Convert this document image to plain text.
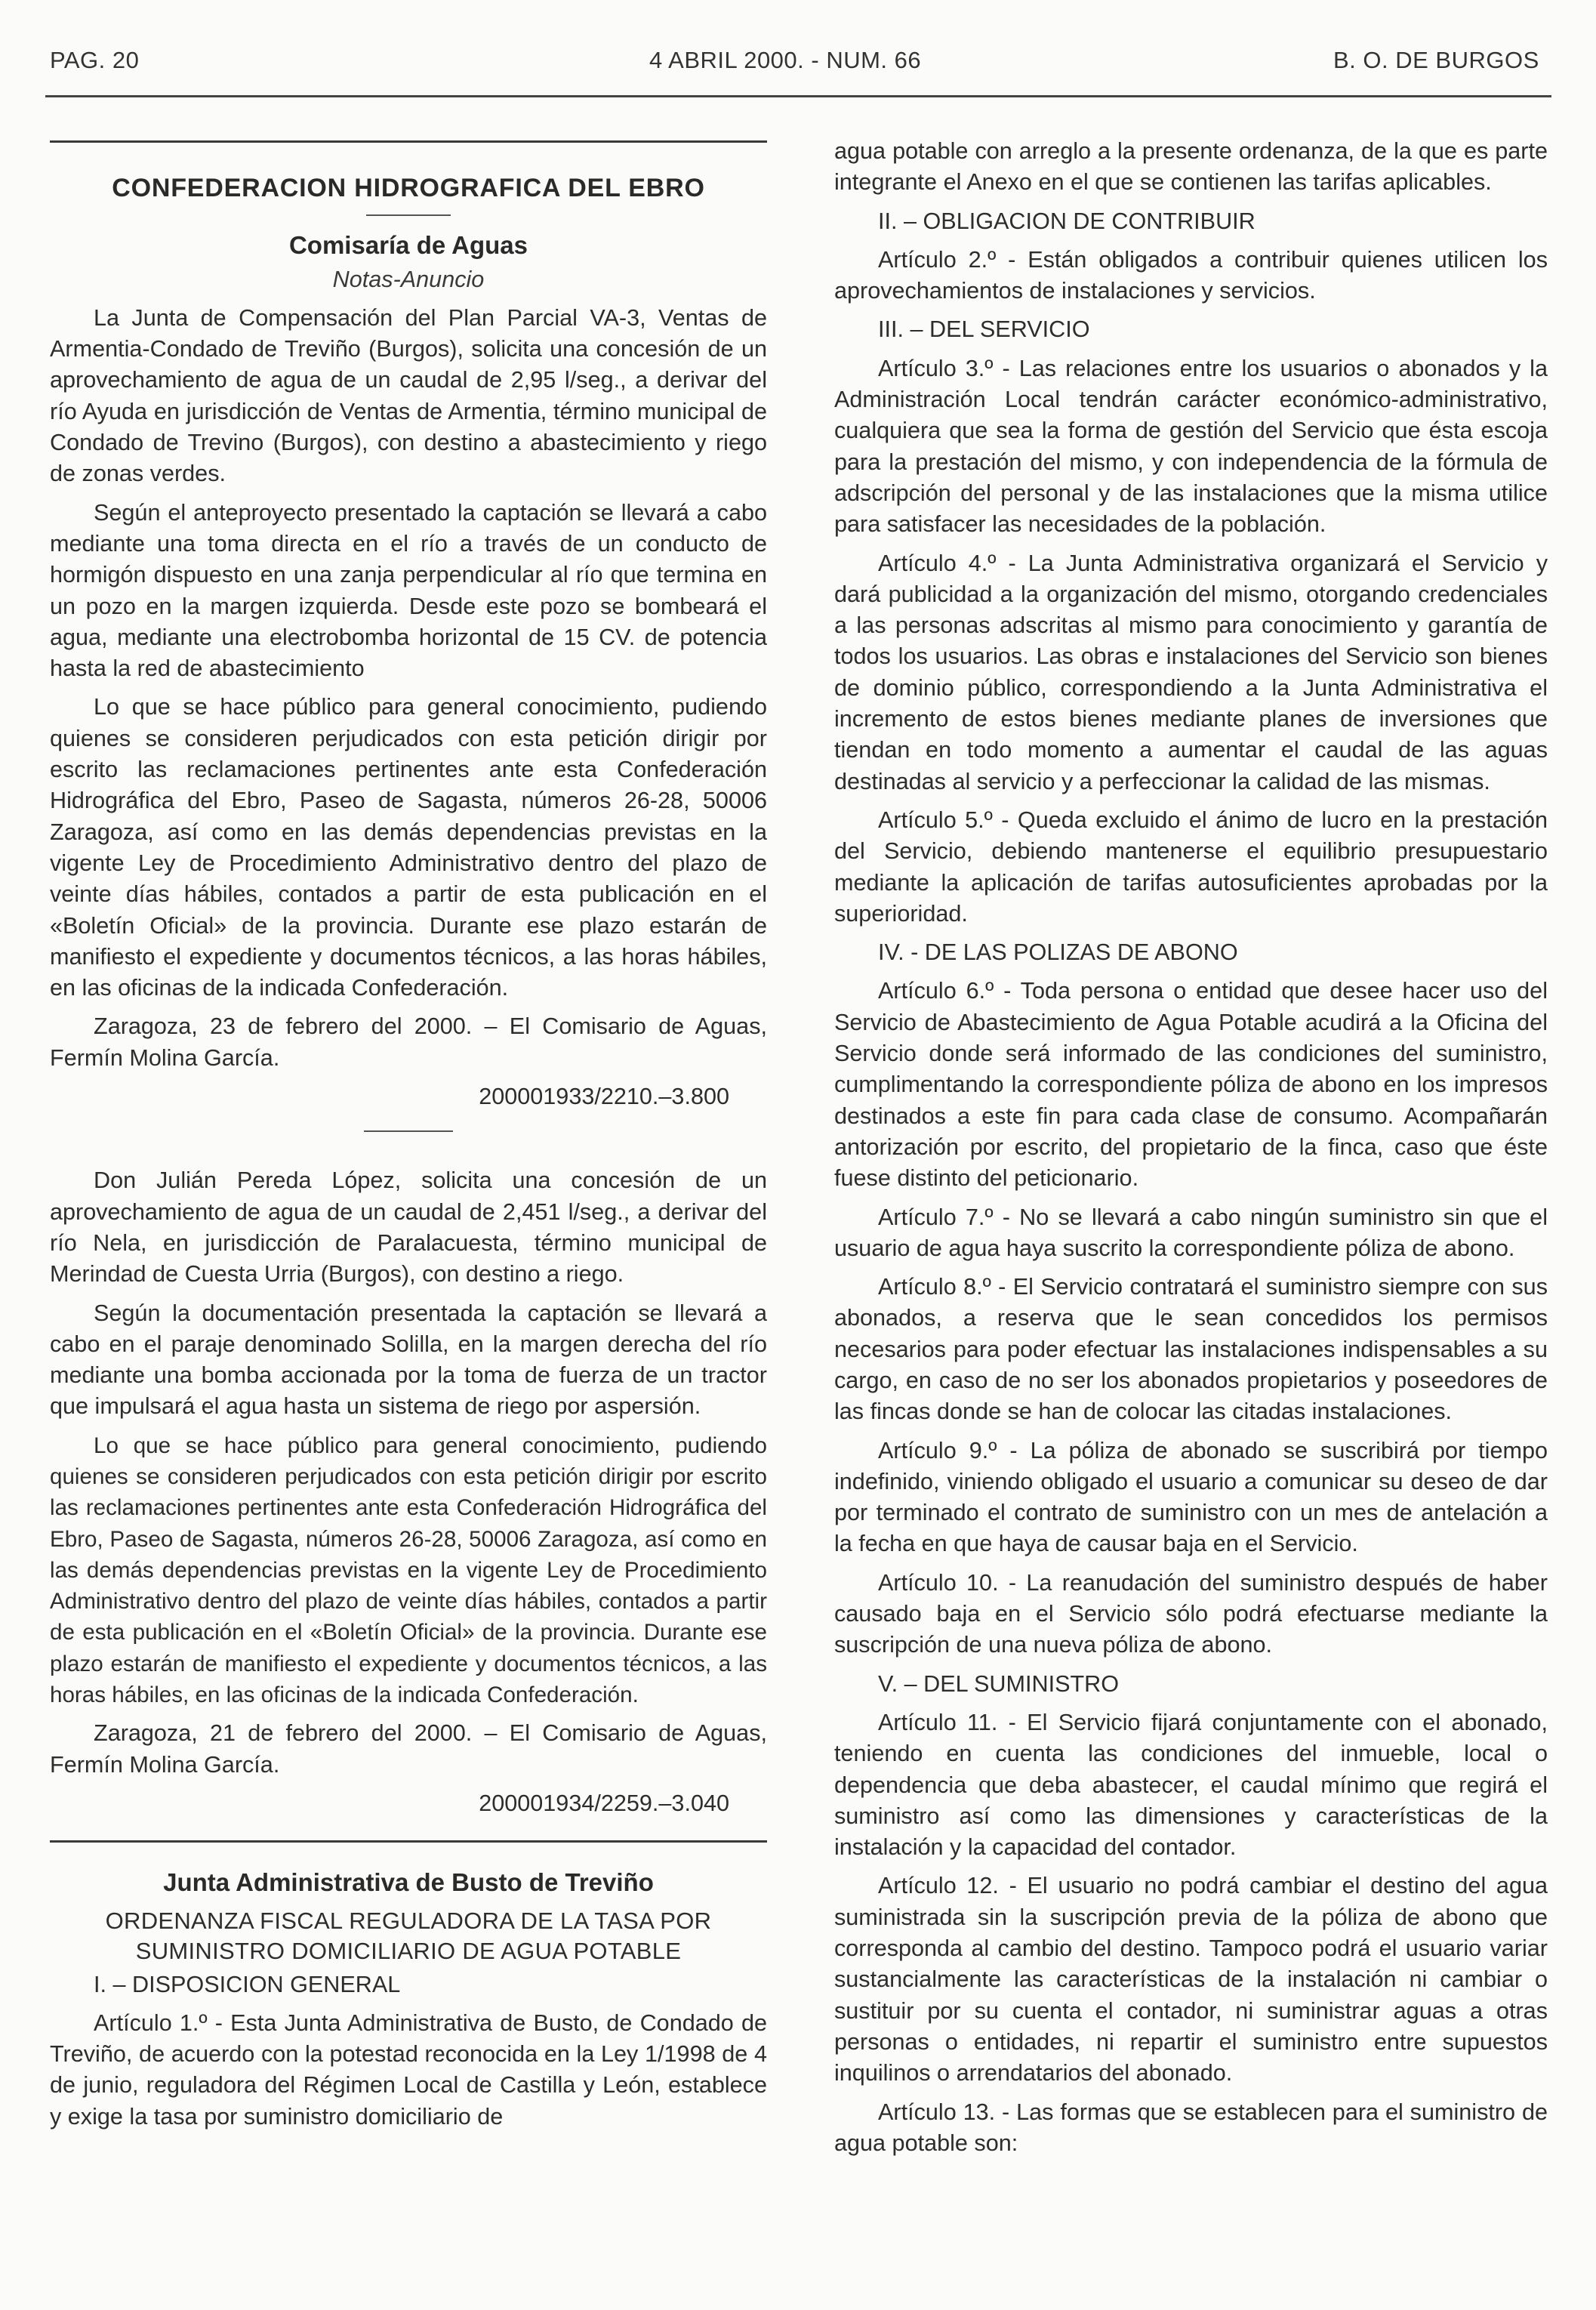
PAG. 20	4 ABRIL 2000. - NUM. 66	B. O. DE BURGOS
CONFEDERACION HIDROGRAFICA DEL EBRO
Comisaría de Aguas
Notas-Anuncio

La Junta de Compensación del Plan Parcial VA-3, Ventas de Armentia-Condado de Treviño (Burgos), solicita una concesión de un aprovechamiento de agua de un caudal de 2,95 l/seg., a derivar del río Ayuda en jurisdicción de Ventas de Armentia, término municipal de Condado de Trevino (Burgos), con destino a abastecimiento y riego de zonas verdes.

Según el anteproyecto presentado la captación se llevará a cabo mediante una toma directa en el río a través de un conducto de hormigón dispuesto en una zanja perpendicular al río que termina en un pozo en la margen izquierda. Desde este pozo se bombeará el agua, mediante una electrobomba horizontal de 15 CV. de potencia hasta la red de abastecimiento

Lo que se hace público para general conocimiento, pudiendo quienes se consideren perjudicados con esta petición dirigir por escrito las reclamaciones pertinentes ante esta Confederación Hidrográfica del Ebro, Paseo de Sagasta, números 26-28, 50006 Zaragoza, así como en las demás dependencias previstas en la vigente Ley de Procedimiento Administrativo dentro del plazo de veinte días hábiles, contados a partir de esta publicación en el «Boletín Oficial» de la provincia. Durante ese plazo estarán de manifiesto el expediente y documentos técnicos, a las horas hábiles, en las oficinas de la indicada Confederación.

Zaragoza, 23 de febrero del 2000. – El Comisario de Aguas, Fermín Molina García.

200001933/2210.–3.800

Don Julián Pereda López, solicita una concesión de un aprovechamiento de agua de un caudal de 2,451 l/seg., a derivar del río Nela, en jurisdicción de Paralacuesta, término municipal de Merindad de Cuesta Urria (Burgos), con destino a riego.

Según la documentación presentada la captación se llevará a cabo en el paraje denominado Solilla, en la margen derecha del río mediante una bomba accionada por la toma de fuerza de un tractor que impulsará el agua hasta un sistema de riego por aspersión.

Lo que se hace público para general conocimiento, pudiendo quienes se consideren perjudicados con esta petición dirigir por escrito las reclamaciones pertinentes ante esta Confederación Hidrográfica del Ebro, Paseo de Sagasta, números 26-28, 50006 Zaragoza, así como en las demás dependencias previstas en la vigente Ley de Procedimiento Administrativo dentro del plazo de veinte días hábiles, contados a partir de esta publicación en el «Boletín Oficial» de la provincia. Durante ese plazo estarán de manifiesto el expediente y documentos técnicos, a las horas hábiles, en las oficinas de la indicada Confederación.

Zaragoza, 21 de febrero del 2000. – El Comisario de Aguas, Fermín Molina García.

200001934/2259.–3.040
Junta Administrativa de Busto de Treviño
ORDENANZA FISCAL REGULADORA DE LA TASA POR SUMINISTRO DOMICILIARIO DE AGUA POTABLE
I. – DISPOSICION GENERAL

Artículo 1.º - Esta Junta Administrativa de Busto, de Condado de Treviño, de acuerdo con la potestad reconocida en la Ley 1/1998 de 4 de junio, reguladora del Régimen Local de Castilla y León, establece y exige la tasa por suministro domiciliario de

agua potable con arreglo a la presente ordenanza, de la que es parte integrante el Anexo en el que se contienen las tarifas aplicables.

II. – OBLIGACION DE CONTRIBUIR

Artículo 2.º - Están obligados a contribuir quienes utilicen los aprovechamientos de instalaciones y servicios.

III. – DEL SERVICIO

Artículo 3.º - Las relaciones entre los usuarios o abonados y la Administración Local tendrán carácter económico-administrativo, cualquiera que sea la forma de gestión del Servicio que ésta escoja para la prestación del mismo, y con independencia de la fórmula de adscripción del personal y de las instalaciones que la misma utilice para satisfacer las necesidades de la población.

Artículo 4.º - La Junta Administrativa organizará el Servicio y dará publicidad a la organización del mismo, otorgando credenciales a las personas adscritas al mismo para conocimiento y garantía de todos los usuarios. Las obras e instalaciones del Servicio son bienes de dominio público, correspondiendo a la Junta Administrativa el incremento de estos bienes mediante planes de inversiones que tiendan en todo momento a aumentar el caudal de las aguas destinadas al servicio y a perfeccionar la calidad de las mismas.

Artículo 5.º - Queda excluido el ánimo de lucro en la prestación del Servicio, debiendo mantenerse el equilibrio presupuestario mediante la aplicación de tarifas autosuficientes aprobadas por la superioridad.

IV. - DE LAS POLIZAS DE ABONO

Artículo 6.º - Toda persona o entidad que desee hacer uso del Servicio de Abastecimiento de Agua Potable acudirá a la Oficina del Servicio donde será informado de las condiciones del suministro, cumplimentando la correspondiente póliza de abono en los impresos destinados a este fin para cada clase de consumo. Acompañarán antorización por escrito, del propietario de la finca, caso que éste fuese distinto del peticionario.

Artículo 7.º - No se llevará a cabo ningún suministro sin que el usuario de agua haya suscrito la correspondiente póliza de abono.

Artículo 8.º - El Servicio contratará el suministro siempre con sus abonados, a reserva que le sean concedidos los permisos necesarios para poder efectuar las instalaciones indispensables a su cargo, en caso de no ser los abonados propietarios y poseedores de las fincas donde se han de colocar las citadas instalaciones.

Artículo 9.º - La póliza de abonado se suscribirá por tiempo indefinido, viniendo obligado el usuario a comunicar su deseo de dar por terminado el contrato de suministro con un mes de antelación a la fecha en que haya de causar baja en el Servicio.

Artículo 10. - La reanudación del suministro después de haber causado baja en el Servicio sólo podrá efectuarse mediante la suscripción de una nueva póliza de abono.

V. – DEL SUMINISTRO

Artículo 11. - El Servicio fijará conjuntamente con el abonado, teniendo en cuenta las condiciones del inmueble, local o dependencia que deba abastecer, el caudal mínimo que regirá el suministro así como las dimensiones y características de la instalación y la capacidad del contador.

Artículo 12. - El usuario no podrá cambiar el destino del agua suministrada sin la suscripción previa de la póliza de abono que corresponda al cambio del destino. Tampoco podrá el usuario variar sustancialmente las características de la instalación ni cambiar o sustituir por su cuenta el contador, ni suministrar aguas a otras personas o entidades, ni repartir el suministro entre supuestos inquilinos o arrendatarios del abonado.

Artículo 13. - Las formas que se establecen para el suministro de agua potable son:
